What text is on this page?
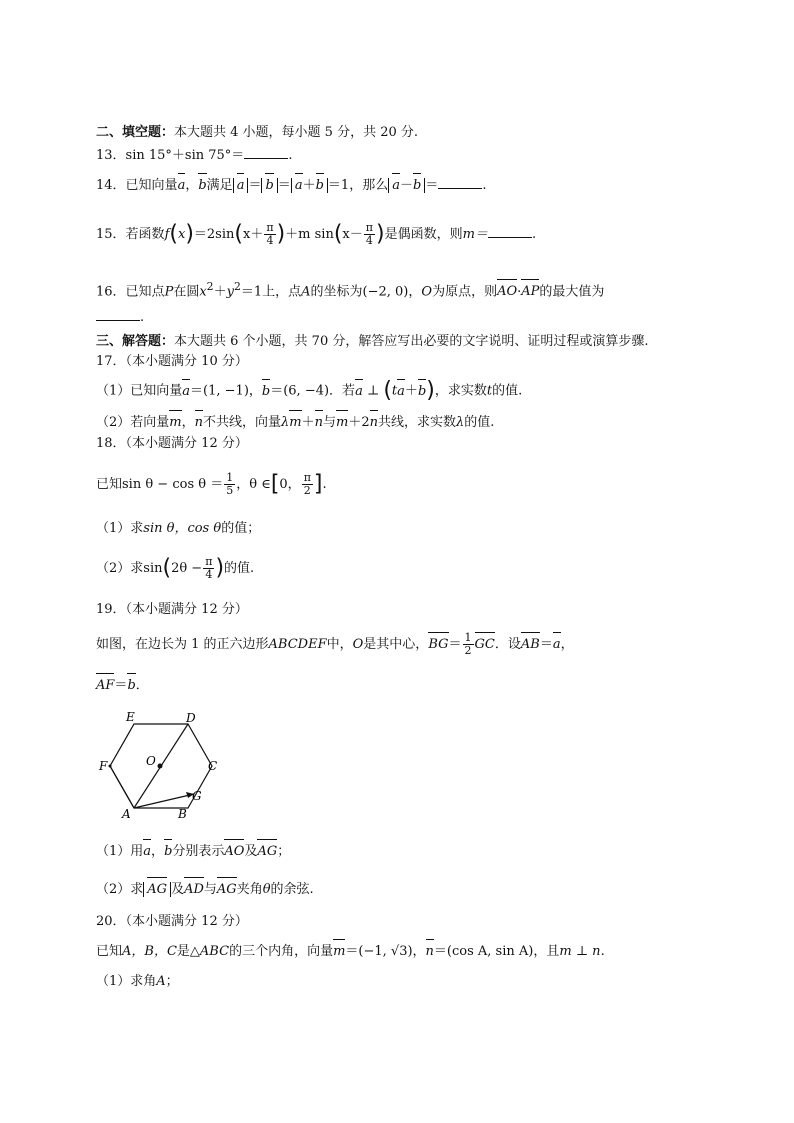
二、填空题：本大题共 4 小题，每小题 5 分，共 20 分.
13．sin 15°＋sin 75°＝	.
14．已知向量a，b满足 a ＝ b ＝ a＋b ＝1，那么 a－b ＝	.
15．若函数$f(x)=2\sin(x+ \frac{\pi}{4} )+m$ $\sin(x- \frac{\pi}{4}$ )是偶函数，则m＝	.
16．已知点P在圆$x^2+y^2=1$上，点A的坐标为(−2, 0)，O为原点，则AO·AP的最大值为
.
三、解答题：本大题共 6 个小题，共 70 分，解答应写出必要的文字说明、证明过程或演算步骤.
17．（本小题满分 10 分）
（1）已知向量a＝(1, −1)，b＝(6, −4)．若a ⊥ (ta＋b)，求实数t的值.
（2）若向量m，n不共线，向量λm＋n与m＋2n共线，求实数λ的值.
18．（本小题满分 12 分）
已知$\sin \theta - \cos \theta = \frac{1}{5}$ ，θ ∈[0， $\frac{\pi}{2}$ ].
（1）求sin θ，cos θ的值；
（2）求$\sin(2\theta - \frac{\pi}{4}$ )的值.
19．（本小题满分 12 分）
如图，在边长为 1 的正六边形ABCDEF中，O是其中心，$BG= \frac{1}{2}$ GC．设AB＝a，
AF＝b．
E	D
F	O	C
G
A	B
（1）用a，b分别表示AO及AG；
（2）求 AG 及AD与AG夹角θ的余弦.
20．（本小题满分 12 分）
已知A，B，C是△ABC的三个内角，向量m＝(−1, √3)，n＝(cos A, sin A)，且m ⊥ n.
（1）求角A；
